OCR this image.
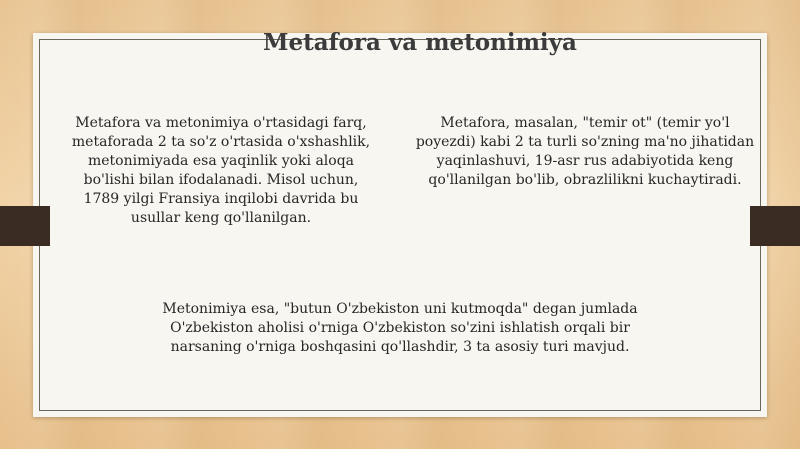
Metafora va metonimiya

Metafora va metonimiya o'rtasidagi farq,
metaforada 2 ta so'z o'rtasida o'xshashlik,
metonimiyada esa yaqinlik yoki aloqa
bo'lishi bilan ifodalanadi. Misol uchun,
1789 yilgi Fransiya inqilobi davrida bu
usullar keng qo'llanilgan.

Metafora, masalan, "temir ot" (temir yo'l
poyezdi) kabi 2 ta turli so'zning ma'no jihatidan
yaqinlashuvi, 19-asr rus adabiyotida keng
qo'llanilgan bo'lib, obrazlilikni kuchaytiradi.

Metonimiya esa, "butun O'zbekiston uni kutmoqda" degan jumlada
O'zbekiston aholisi o'rniga O'zbekiston so'zini ishlatish orqali bir
narsaning o'rniga boshqasini qo'llashdir, 3 ta asosiy turi mavjud.
